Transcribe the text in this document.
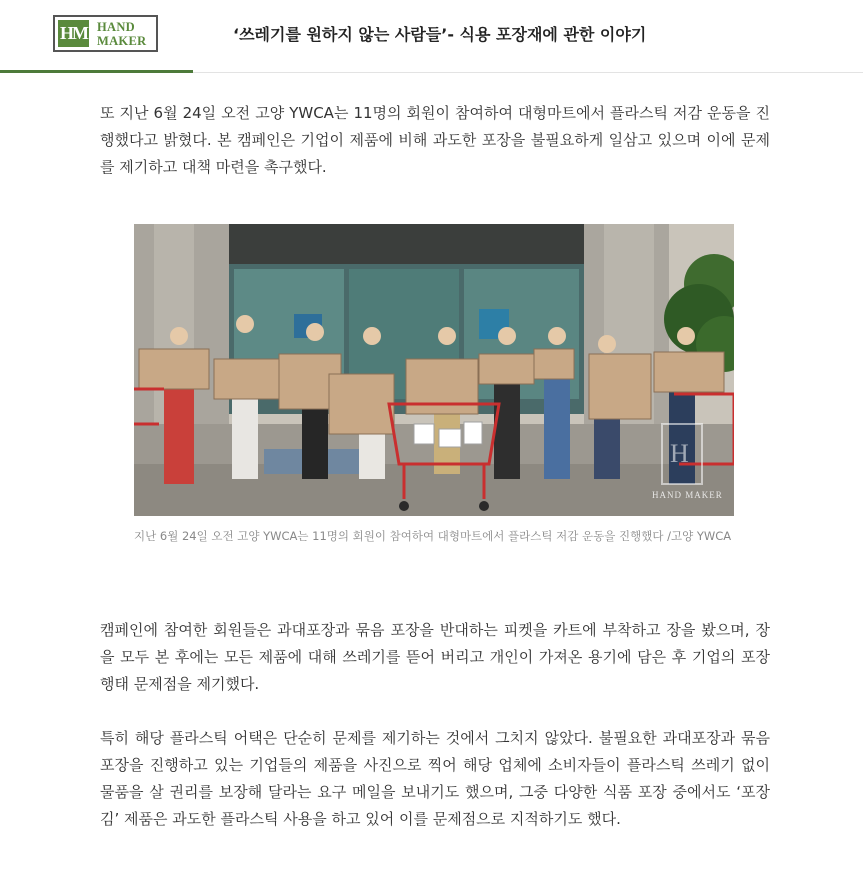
HM HAND
MAKER	‘쓰레기를 원하지 않는 사람들’- 식용 포장재에 관한 이야기
또 지난 6월 24일 오전 고양 YWCA는 11명의 회원이 참여하여 대형마트에서 플라스틱 저감 운동을 진행했다고 밝혔다. 본 캠페인은 기업이 제품에 비해 과도한 포장을 불필요하게 일삼고 있으며 이에 문제를 제기하고 대책 마련을 촉구했다.
H
HAND MAKER
지난 6월 24일 오전 고양 YWCA는 11명의 회원이 참여하여 대형마트에서 플라스틱 저감 운동을 진행했다 /고양 YWCA
캠페인에 참여한 회원들은 과대포장과 묶음 포장을 반대하는 피켓을 카트에 부착하고 장을 봤으며, 장을 모두 본 후에는 모든 제품에 대해 쓰레기를 뜯어 버리고 개인이 가져온 용기에 담은 후 기업의 포장 행태 문제점을 제기했다.
특히 해당 플라스틱 어택은 단순히 문제를 제기하는 것에서 그치지 않았다. 불필요한 과대포장과 묶음 포장을 진행하고 있는 기업들의 제품을 사진으로 찍어 해당 업체에 소비자들이 플라스틱 쓰레기 없이 물품을 살 권리를 보장해 달라는 요구 메일을 보내기도 했으며, 그중 다양한 식품 포장 중에서도 ‘포장 김’ 제품은 과도한 플라스틱 사용을 하고 있어 이를 문제점으로 지적하기도 했다.
